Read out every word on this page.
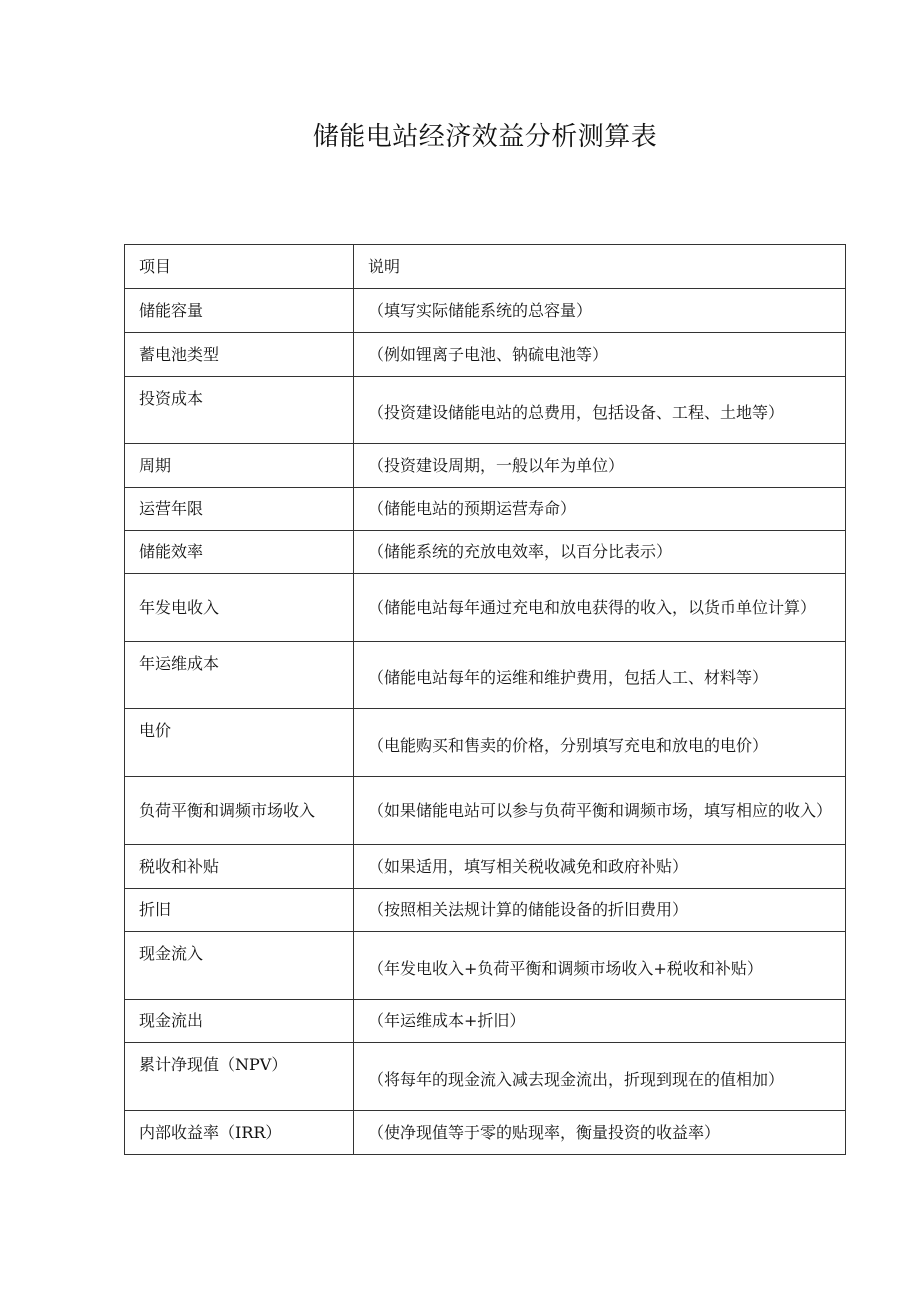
储能电站经济效益分析测算表
项目	说明
储能容量	（填写实际储能系统的总容量）
蓄电池类型	（例如锂离子电池、钠硫电池等）
投资成本	（投资建设储能电站的总费用，包括设备、工程、土地等）
周期	（投资建设周期，一般以年为单位）
运营年限	（储能电站的预期运营寿命）
储能效率	（储能系统的充放电效率，以百分比表示）
年发电收入	（储能电站每年通过充电和放电获得的收入，以货币单位计算）
年运维成本	（储能电站每年的运维和维护费用，包括人工、材料等）
电价	（电能购买和售卖的价格，分别填写充电和放电的电价）
负荷平衡和调频市场收入	（如果储能电站可以参与负荷平衡和调频市场，填写相应的收入）
税收和补贴	（如果适用，填写相关税收减免和政府补贴）
折旧	（按照相关法规计算的储能设备的折旧费用）
现金流入	（年发电收入+负荷平衡和调频市场收入+税收和补贴）
现金流出	（年运维成本+折旧）
累计净现值（NPV）	（将每年的现金流入减去现金流出，折现到现在的值相加）
内部收益率（IRR）	（使净现值等于零的贴现率，衡量投资的收益率）
